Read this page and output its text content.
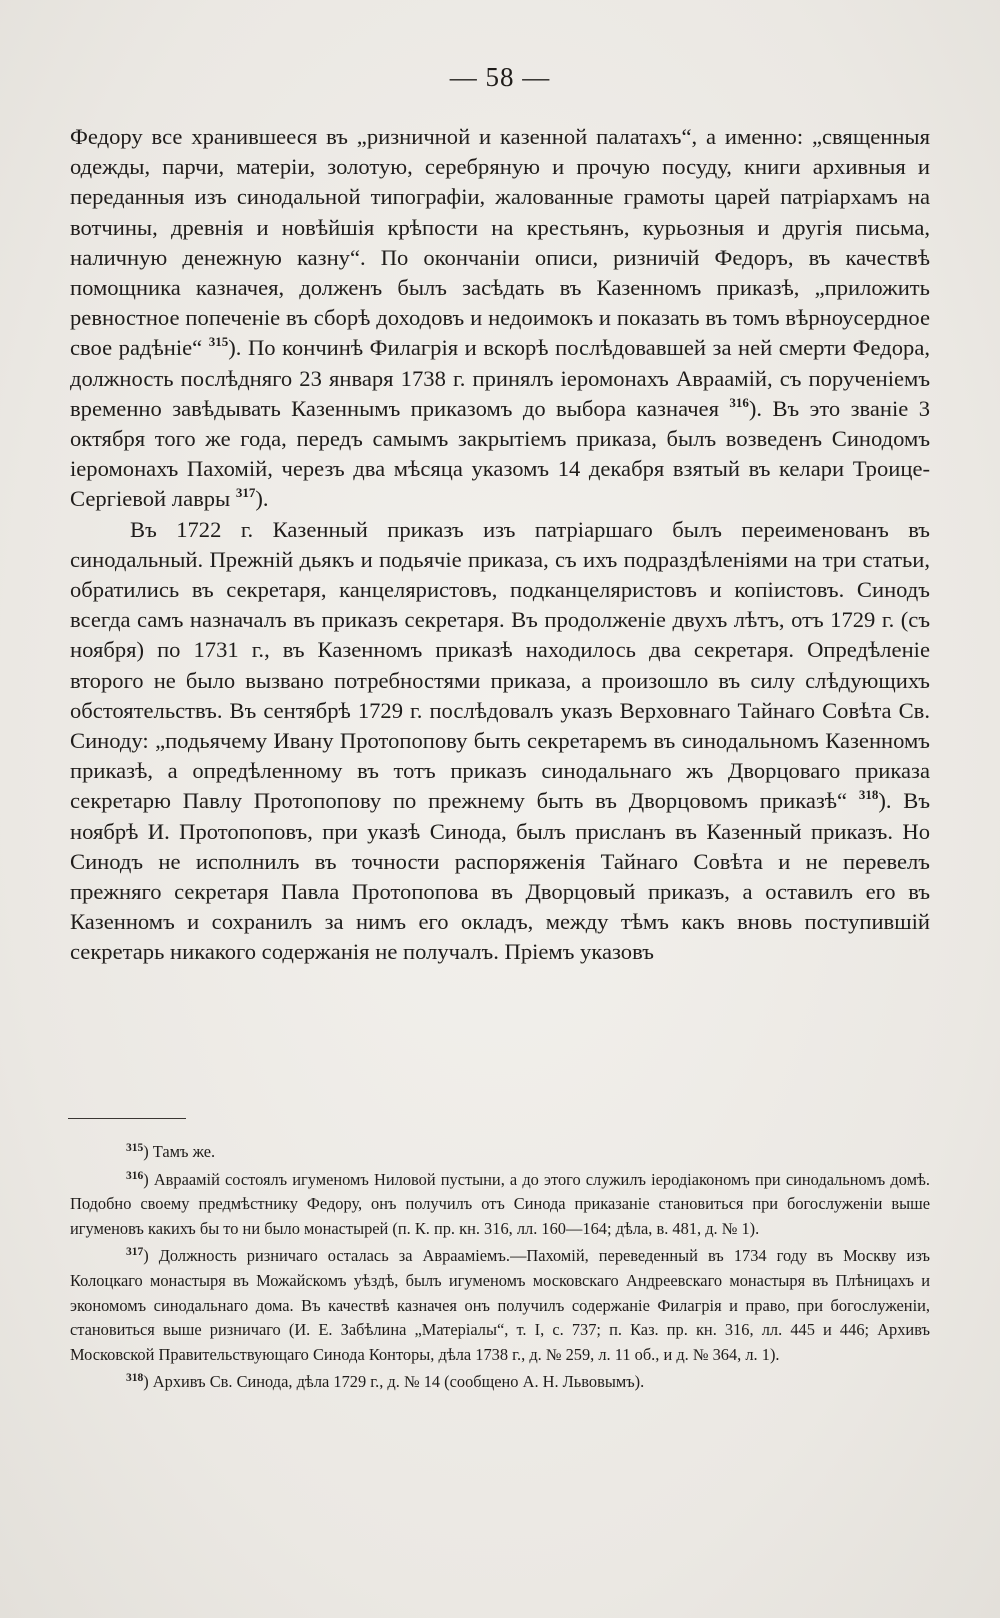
— 58 —

Федору все хранившееся въ „ризничной и казенной палатахъ“, а именно: „священныя одежды, парчи, матеріи, золотую, серебряную и прочую посуду, книги архивныя и переданныя изъ синодальной типографіи, жалованные грамоты царей патріархамъ на вотчины, древнія и новѣйшія крѣпости на крестьянъ, курьозныя и другія письма, наличную денежную казну“. По окончаніи описи, ризничій Федоръ, въ качествѣ помощника казначея, долженъ былъ засѣдать въ Казенномъ приказѣ, „приложить ревностное попеченіе въ сборѣ доходовъ и недоимокъ и показать въ томъ вѣрноусердное свое радѣніе“ $^{315}$). По кончинѣ Филагрія и вскорѣ послѣдовавшей за ней смерти Федора, должность послѣдняго 23 января 1738 г. принялъ іеромонахъ Авраамій, съ порученіемъ временно завѣдывать Казеннымъ приказомъ до выбора казначея $^{316}$). Въ это званіе 3 октября того же года, передъ самымъ закрытіемъ приказа, былъ возведенъ Синодомъ іеромонахъ Пахомій, черезъ два мѣсяца указомъ 14 декабря взятый въ келари Троице-Сергіевой лавры $^{317}$).

Въ 1722 г. Казенный приказъ изъ патріаршаго былъ переименованъ въ синодальный. Прежній дьякъ и подьячіе приказа, съ ихъ подраздѣленіями на три статьи, обратились въ секретаря, канцеляристовъ, подканцеляристовъ и копіистовъ. Синодъ всегда самъ назначалъ въ приказъ секретаря. Въ продолженіе двухъ лѣтъ, отъ 1729 г. (съ ноября) по 1731 г., въ Казенномъ приказѣ находилось два секретаря. Опредѣленіе второго не было вызвано потребностями приказа, а произошло въ силу слѣдующихъ обстоятельствъ. Въ сентябрѣ 1729 г. послѣдовалъ указъ Верховнаго Тайнаго Совѣта Св. Синоду: „подьячему Ивану Протопопову быть секретаремъ въ синодальномъ Казенномъ приказѣ, а опредѣленному въ тотъ приказъ синодальнаго жъ Дворцоваго приказа секретарю Павлу Протопопову по прежнему быть въ Дворцовомъ приказѣ“ $^{318}$). Въ ноябрѣ И. Протопоповъ, при указѣ Синода, былъ присланъ въ Казенный приказъ. Но Синодъ не исполнилъ въ точности распоряженія Тайнаго Совѣта и не перевелъ прежняго секретаря Павла Протопопова въ Дворцовый приказъ, а оставилъ его въ Казенномъ и сохранилъ за нимъ его окладъ, между тѣмъ какъ вновь поступившій секретарь никакого содержанія не получалъ. Пріемъ указовъ

$^{315}$) Тамъ же.

$^{316}$) Авраамій состоялъ игуменомъ Ниловой пустыни, а до этого служилъ іеродіакономъ при синодальномъ домѣ. Подобно своему предмѣстнику Федору, онъ получилъ отъ Синода приказаніе становиться при богослуженіи выше игуменовъ какихъ бы то ни было монастырей (п. К. пр. кн. 316, лл. 160—164; дѣла, в. 481, д. № 1).

$^{317}$) Должность ризничаго осталась за Аврааміемъ.—Пахомій, переведенный въ 1734 году въ Москву изъ Колоцкаго монастыря въ Можайскомъ уѣздѣ, былъ игуменомъ московскаго Андреевскаго монастыря въ Плѣницахъ и экономомъ синодальнаго дома. Въ качествѣ казначея онъ получилъ содержаніе Филагрія и право, при богослуженіи, становиться выше ризничаго (И. Е. Забѣлина „Матеріалы“, т. I, с. 737; п. Каз. пр. кн. 316, лл. 445 и 446; Архивъ Московской Правительствующаго Синода Конторы, дѣла 1738 г., д. № 259, л. 11 об., и д. № 364, л. 1).

$^{318}$) Архивъ Св. Синода, дѣла 1729 г., д. № 14 (сообщено А. Н. Львовымъ).
